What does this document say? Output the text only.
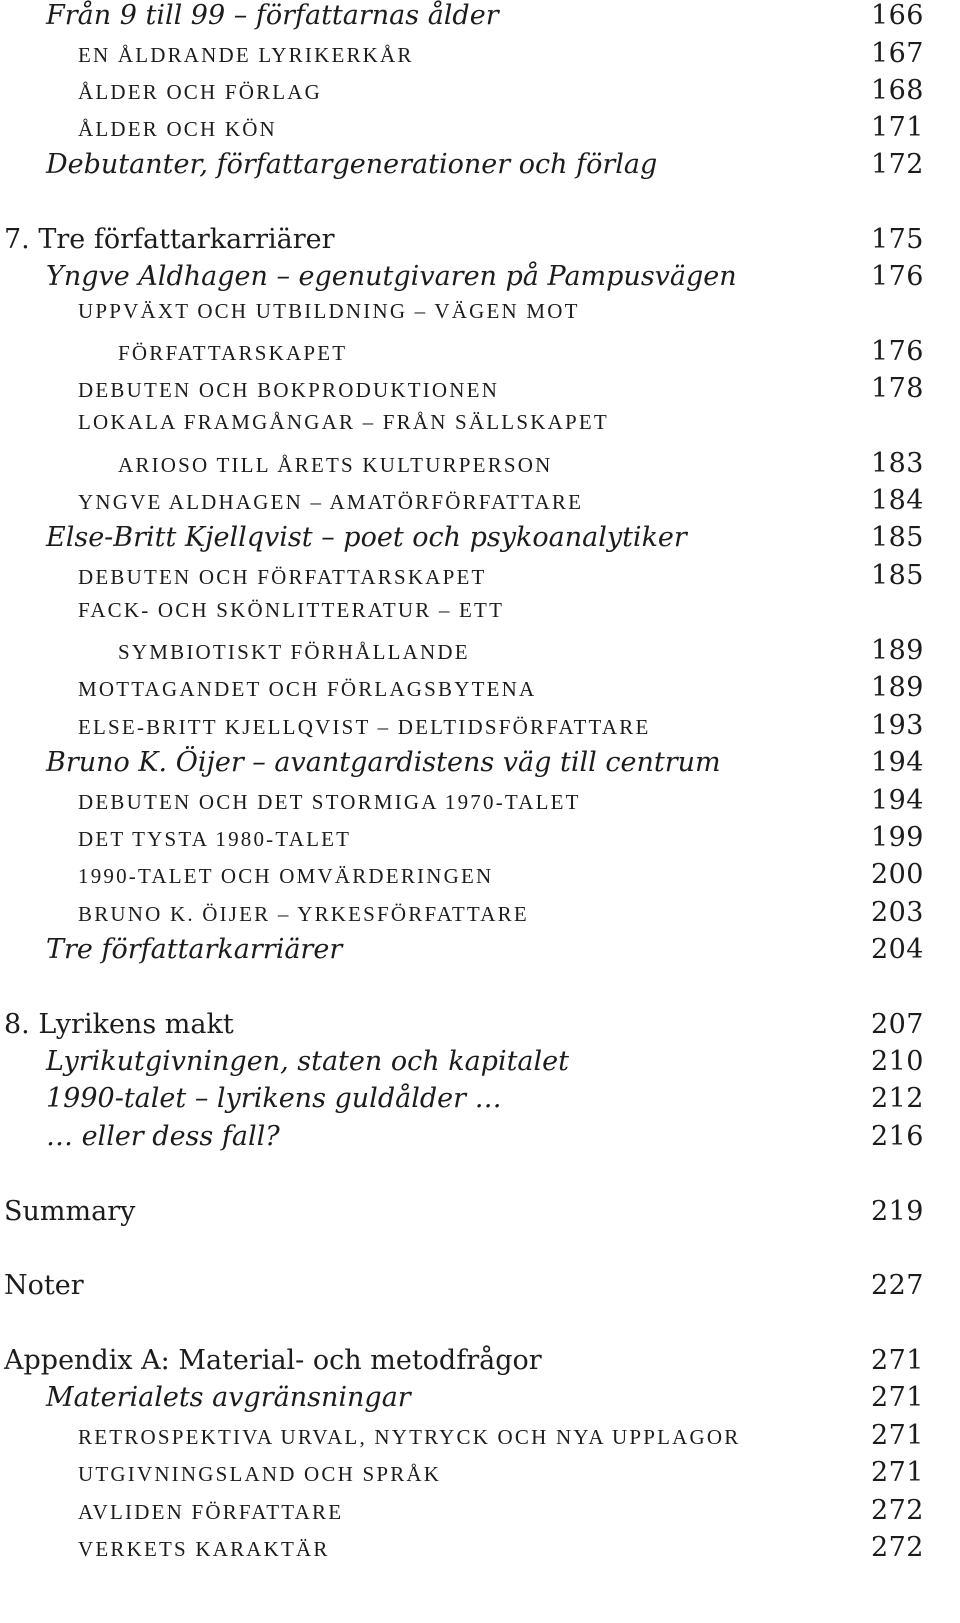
Från 9 till 99 – författarnas ålder	166
EN ÅLDRANDE LYRIKERKÅR	167
ÅLDER OCH FÖRLAG	168
ÅLDER OCH KÖN	171
Debutanter, författargenerationer och förlag	172
7. Tre författarkarriärer	175
Yngve Aldhagen – egenutgivaren på Pampusvägen	176
UPPVÄXT OCH UTBILDNING – VÄGEN MOT
FÖRFATTARSKAPET	176
DEBUTEN OCH BOKPRODUKTIONEN	178
LOKALA FRAMGÅNGAR – FRÅN SÄLLSKAPET
ARIOSO TILL ÅRETS KULTURPERSON	183
YNGVE ALDHAGEN – AMATÖRFÖRFATTARE	184
Else-Britt Kjellqvist – poet och psykoanalytiker	185
DEBUTEN OCH FÖRFATTARSKAPET	185
FACK- OCH SKÖNLITTERATUR – ETT
SYMBIOTISKT FÖRHÅLLANDE	189
MOTTAGANDET OCH FÖRLAGSBYTENA	189
ELSE-BRITT KJELLQVIST – DELTIDSFÖRFATTARE	193
Bruno K. Öijer – avantgardistens väg till centrum	194
DEBUTEN OCH DET STORMIGA 1970-TALET	194
DET TYSTA 1980-TALET	199
1990-TALET OCH OMVÄRDERINGEN	200
BRUNO K. ÖIJER – YRKESFÖRFATTARE	203
Tre författarkarriärer	204
8. Lyrikens makt	207
Lyrikutgivningen, staten och kapitalet	210
1990-talet – lyrikens guldålder …	212
… eller dess fall?	216
Summary	219
Noter	227
Appendix A: Material- och metodfrågor	271
Materialets avgränsningar	271
RETROSPEKTIVA URVAL, NYTRYCK OCH NYA UPPLAGOR	271
UTGIVNINGSLAND OCH SPRÅK	271
AVLIDEN FÖRFATTARE	272
VERKETS KARAKTÄR	272
